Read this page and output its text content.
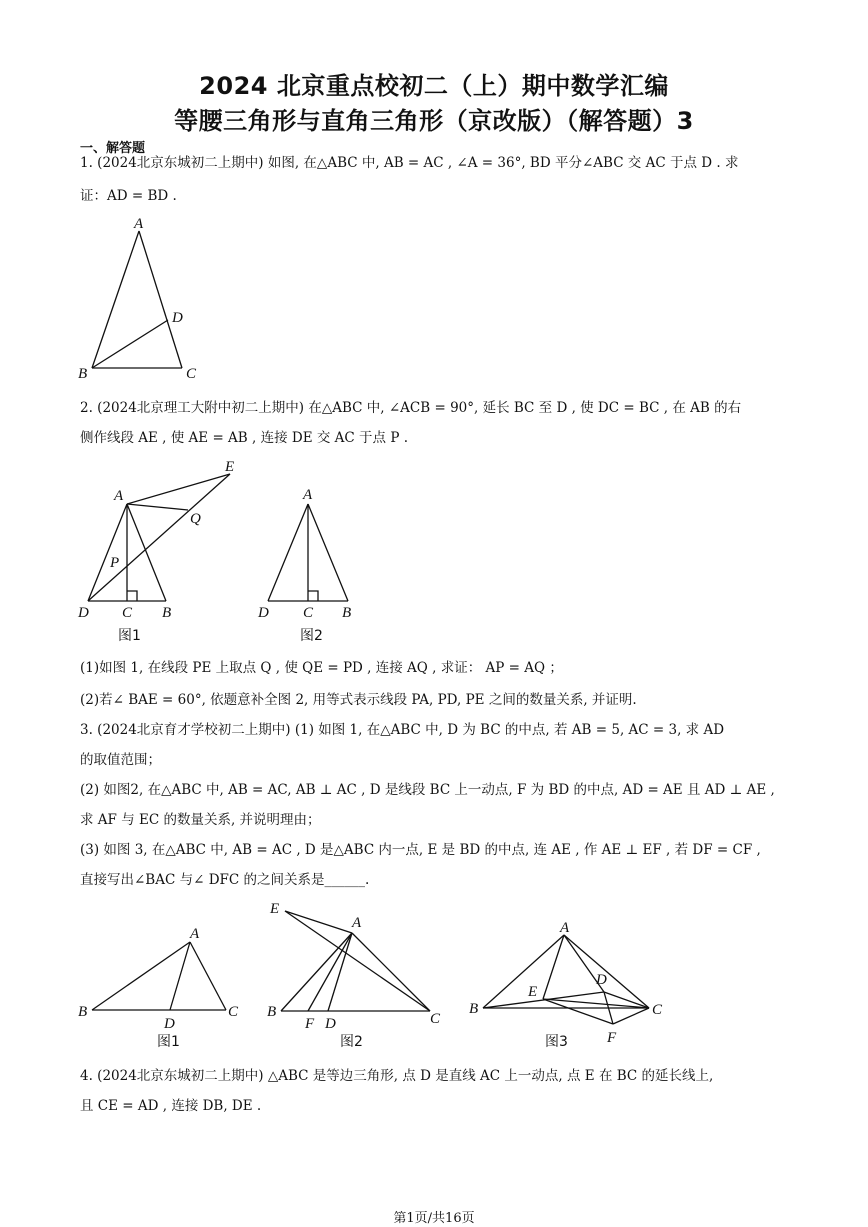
2024 北京重点校初二（上）期中数学汇编
等腰三角形与直角三角形（京改版）（解答题）3
一、解答题
1. (2024北京东城初二上期中) 如图, 在△ABC 中, AB = AC , ∠A = 36°, BD 平分∠ABC 交 AC 于点 D . 求
证：AD = BD .
A
D
B	C
2. (2024北京理工大附中初二上期中) 在△ABC 中, ∠ACB = 90°, 延长 BC 至 D , 使 DC = BC , 在 AB 的右
侧作线段 AE , 使 AE = AB , 连接 DE 交 AC 于点 P .
E
A
Q
P
D C B
图1
A
D C B
图2
(1)如图 1, 在线段 PE 上取点 Q , 使 QE = PD , 连接 AQ , 求证： AP = AQ ；
(2)若∠ BAE = 60°, 依题意补全图 2, 用等式表示线段 PA, PD, PE 之间的数量关系, 并证明.
3. (2024北京育才学校初二上期中) (1) 如图 1, 在△ABC 中, D 为 BC 的中点, 若 AB = 5, AC = 3, 求 AD
的取值范围；
(2) 如图2, 在△ABC 中, AB = AC, AB ⊥ AC , D 是线段 BC 上一动点, F 为 BD 的中点, AD = AE 且 AD ⊥ AE ,
求 AF 与 EC 的数量关系, 并说明理由；
(3) 如图 3, 在△ABC 中, AB = AC , D 是△ABC 内一点, E 是 BD 的中点, 连 AE , 作 AE ⊥ EF , 若 DF = CF ,
直接写出∠BAC 与∠ DFC 的之间关系是______.
A
B
D
C
图1
E
A
B
F D	C
图2
A
E
D
B	C
F
图3
4. (2024北京东城初二上期中) △ABC 是等边三角形, 点 D 是直线 AC 上一动点, 点 E 在 BC 的延长线上,
且 CE = AD , 连接 DB, DE .
第1页/共16页
